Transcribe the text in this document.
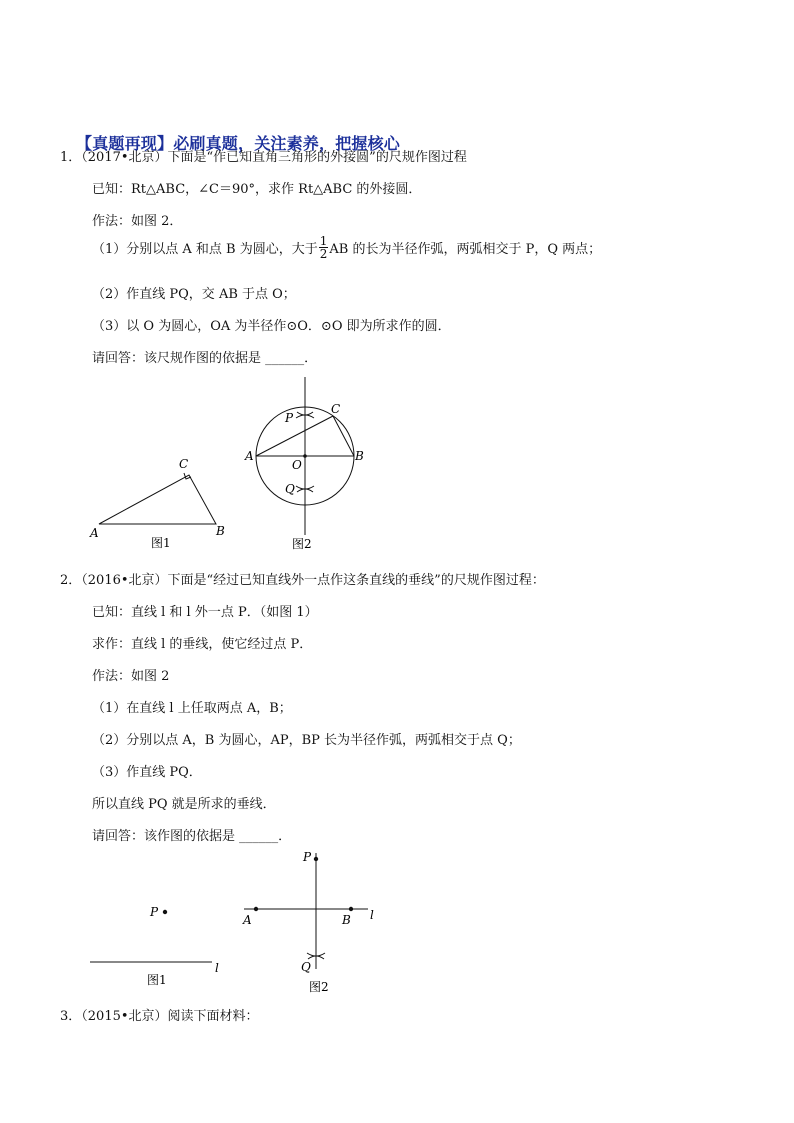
【真题再现】必刷真题，关注素养，把握核心
1．（2017•北京）下面是“作已知直角三角形的外接圆”的尺规作图过程
已知：Rt△ABC，∠C＝90°，求作 Rt△ABC 的外接圆．
作法：如图 2．
（1）分别以点 A 和点 B 为圆心，大于 $\frac{1}{2}$ AB 的长为半径作弧，两弧相交于 P，Q 两点；
（2）作直线 PQ，交 AB 于点 O；
（3）以 O 为圆心，OA 为半径作⊙O．⊙O 即为所求作的圆．
请回答：该尺规作图的依据是 ______．
C
A	B
图1
P
C
A	B
O
Q
图2
2．（2016•北京）下面是“经过已知直线外一点作这条直线的垂线”的尺规作图过程：
已知：直线 l 和 l 外一点 P．（如图 1）
求作：直线 l 的垂线，使它经过点 P．
作法：如图 2
（1）在直线 l 上任取两点 A，B；
（2）分别以点 A，B 为圆心，AP，BP 长为半径作弧，两弧相交于点 Q；
（3）作直线 PQ．
所以直线 PQ 就是所求的垂线．
请回答：该作图的依据是 ______．
P
l
图1
P
A	B l
Q
图2
3．（2015•北京）阅读下面材料：
